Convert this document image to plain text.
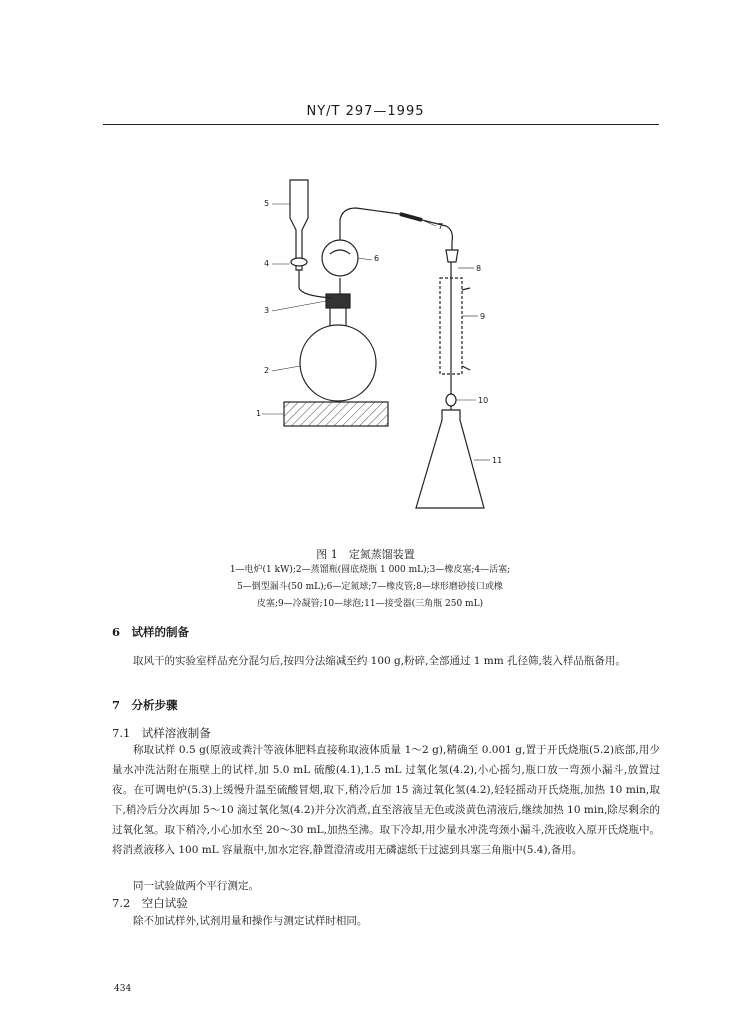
NY/T 297—1995
5
4
3
2
1
6
7
8
9
10
11
图 1　定氮蒸馏装置
1—电炉(1 kW);2—蒸馏瓶(圆底烧瓶 1 000 mL);3—橡皮塞;4—活塞;
5—倒型漏斗(50 mL);6—定氮球;7—橡皮管;8—球形磨砂接口或橡
皮塞;9—冷凝管;10—球泡;11—接受器(三角瓶 250 mL)
6　试样的制备
取风干的实验室样品充分混匀后,按四分法缩减至约 100 g,粉碎,全部通过 1 mm 孔径筛,装入样品瓶备用。
7　分析步骤
7.1　试样溶液制备
称取试样 0.5 g(原液或粪汁等液体肥料直接称取液体质量 1～2 g),精确至 0.001 g,置于开氏烧瓶(5.2)底部,用少量水冲洗沾附在瓶壁上的试样,加 5.0 mL 硫酸(4.1),1.5 mL 过氧化氢(4.2),小心摇匀,瓶口放一弯颈小漏斗,放置过夜。在可调电炉(5.3)上缓慢升温至硫酸冒烟,取下,稍冷后加 15 滴过氧化氢(4.2),轻轻摇动开氏烧瓶,加热 10 min,取下,稍冷后分次再加 5～10 滴过氧化氢(4.2)并分次消煮,直至溶液呈无色或淡黄色清液后,继续加热 10 min,除尽剩余的过氧化氢。取下稍冷,小心加水至 20～30 mL,加热至沸。取下冷却,用少量水冲洗弯颈小漏斗,洗液收入原开氏烧瓶中。将消煮液移入 100 mL 容量瓶中,加水定容,静置澄清或用无磷滤纸干过滤到具塞三角瓶中(5.4),备用。
同一试验做两个平行测定。
7.2　空白试验
除不加试样外,试剂用量和操作与测定试样时相同。
434
